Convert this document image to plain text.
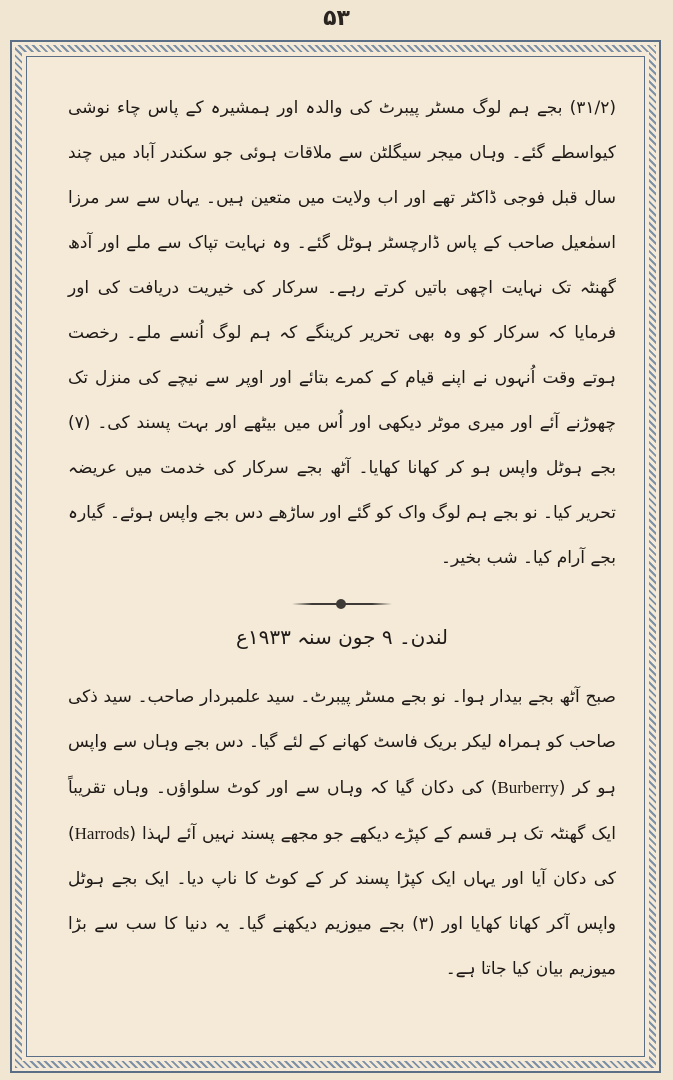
۵۳

(۳۱/۲) بجے ہم لوگ مسٹر پیبرٹ کی والدہ اور ہمشیرہ کے پاس چاء نوشی کیواسطے گئے۔ وہاں میجر سیگلٹن سے ملاقات ہوئی جو سکندر آباد میں چند سال قبل فوجی ڈاکٹر تھے اور اب ولایت میں متعین ہیں۔ یہاں سے سر مرزا اسمٰعیل صاحب کے پاس ڈارچسٹر ہوٹل گئے۔ وہ نہایت تپاک سے ملے اور آدھ گھنٹہ تک نہایت اچھی باتیں کرتے رہے۔ سرکار کی خیریت دریافت کی اور فرمایا کہ سرکار کو وہ بھی تحریر کرینگے کہ ہم لوگ اُنسے ملے۔ رخصت ہوتے وقت اُنہوں نے اپنے قیام کے کمرے بتائے اور اوپر سے نیچے کی منزل تک چھوڑنے آئے اور میری موٹر دیکھی اور اُس میں بیٹھے اور بہت پسند کی۔ (۷) بجے ہوٹل واپس ہو کر کھانا کھایا۔ آٹھ بجے سرکار کی خدمت میں عریضہ تحریر کیا۔ نو بجے ہم لوگ واک کو گئے اور ساڑھے دس بجے واپس ہوئے۔ گیارہ بجے آرام کیا۔ شب بخیر۔

لندن۔ ۹ جون سنہ ۱۹۳۳ع

صبح آٹھ بجے بیدار ہوا۔ نو بجے مسٹر پیبرٹ۔ سید علمبردار صاحب۔ سید ذکی صاحب کو ہمراہ لیکر بریک فاسٹ کھانے کے لئے گیا۔ دس بجے وہاں سے واپس ہو کر (Burberry) کی دکان گیا کہ وہاں سے اور کوٹ سلواؤں۔ وہاں تقریباً ایک گھنٹہ تک ہر قسم کے کپڑے دیکھے جو مجھے پسند نہیں آئے لہذا (Harrods) کی دکان آیا اور یہاں ایک کپڑا پسند کر کے کوٹ کا ناپ دیا۔ ایک بجے ہوٹل واپس آکر کھانا کھایا اور (۳) بجے میوزیم دیکھنے گیا۔ یہ دنیا کا سب سے بڑا میوزیم بیان کیا جاتا ہے۔
